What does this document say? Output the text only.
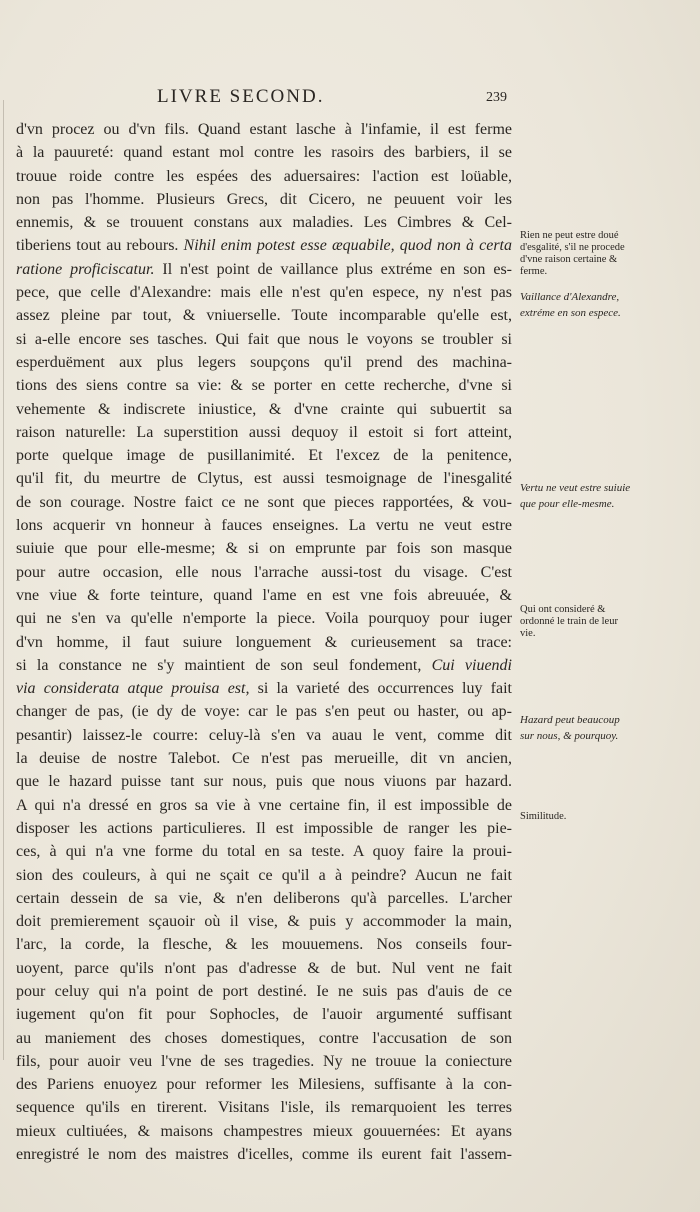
LIVRE SECOND.	239
d'vn procez ou d'vn fils. Quand estant lasche à l'infamie, il est ferme
à la pauureté: quand estant mol contre les rasoirs des barbiers, il se
trouue roide contre les espées des aduersaires: l'action est loüable,
non pas l'homme. Plusieurs Grecs, dit Cicero, ne peuuent voir les
ennemis, & se trouuent constans aux maladies. Les Cimbres & Cel-
tiberiens tout au rebours. Nihil enim potest esse æquabile, quod non à certa
ratione proficiscatur. Il n'est point de vaillance plus extréme en son es-
pece, que celle d'Alexandre: mais elle n'est qu'en espece, ny n'est pas
assez pleine par tout, & vniuerselle. Toute incomparable qu'elle est,
si a-elle encore ses tasches. Qui fait que nous le voyons se troubler si
esperduëment aux plus legers soupçons qu'il prend des machina-
tions des siens contre sa vie: & se porter en cette recherche, d'vne si
vehemente & indiscrete iniustice, & d'vne crainte qui subuertit sa
raison naturelle: La superstition aussi dequoy il estoit si fort atteint,
porte quelque image de pusillanimité. Et l'excez de la penitence,
qu'il fit, du meurtre de Clytus, est aussi tesmoignage de l'inesgalité
de son courage. Nostre faict ce ne sont que pieces rapportées, & vou-
lons acquerir vn honneur à fauces enseignes. La vertu ne veut estre
suiuie que pour elle-mesme; & si on emprunte par fois son masque
pour autre occasion, elle nous l'arrache aussi-tost du visage. C'est
vne viue & forte teinture, quand l'ame en est vne fois abreuuée, &
qui ne s'en va qu'elle n'emporte la piece. Voila pourquoy pour iuger
d'vn homme, il faut suiure longuement & curieusement sa trace:
si la constance ne s'y maintient de son seul fondement, Cui viuendi
via considerata atque prouisa est, si la varieté des occurrences luy fait
changer de pas, (ie dy de voye: car le pas s'en peut ou haster, ou ap-
pesantir) laissez-le courre: celuy-là s'en va auau le vent, comme dit
la deuise de nostre Talebot. Ce n'est pas merueille, dit vn ancien,
que le hazard puisse tant sur nous, puis que nous viuons par hazard.
A qui n'a dressé en gros sa vie à vne certaine fin, il est impossible de
disposer les actions particulieres. Il est impossible de ranger les pie-
ces, à qui n'a vne forme du total en sa teste. A quoy faire la proui-
sion des couleurs, à qui ne sçait ce qu'il a à peindre? Aucun ne fait
certain dessein de sa vie, & n'en deliberons qu'à parcelles. L'archer
doit premierement sçauoir où il vise, & puis y accommoder la main,
l'arc, la corde, la flesche, & les mouuemens. Nos conseils four-
uoyent, parce qu'ils n'ont pas d'adresse & de but. Nul vent ne fait
pour celuy qui n'a point de port destiné. Ie ne suis pas d'auis de ce
iugement qu'on fit pour Sophocles, de l'auoir argumenté suffisant
au maniement des choses domestiques, contre l'accusation de son
fils, pour auoir veu l'vne de ses tragedies. Ny ne trouue la coniecture
des Pariens enuoyez pour reformer les Milesiens, suffisante à la con-
sequence qu'ils en tirerent. Visitans l'isle, ils remarquoient les terres
mieux cultiuées, & maisons champestres mieux gouuernées: Et ayans
enregistré le nom des maistres d'icelles, comme ils eurent fait l'assem-
Rien ne peut estre doué d'esgalité, s'il ne procede d'vne raison certaine & ferme.
Vaillance d'Alexandre, extréme en son espece.
Vertu ne veut estre suiuie que pour elle-mesme.
Qui ont consideré & ordonné le train de leur vie.
Hazard peut beaucoup sur nous, & pourquoy.
Similitude.
